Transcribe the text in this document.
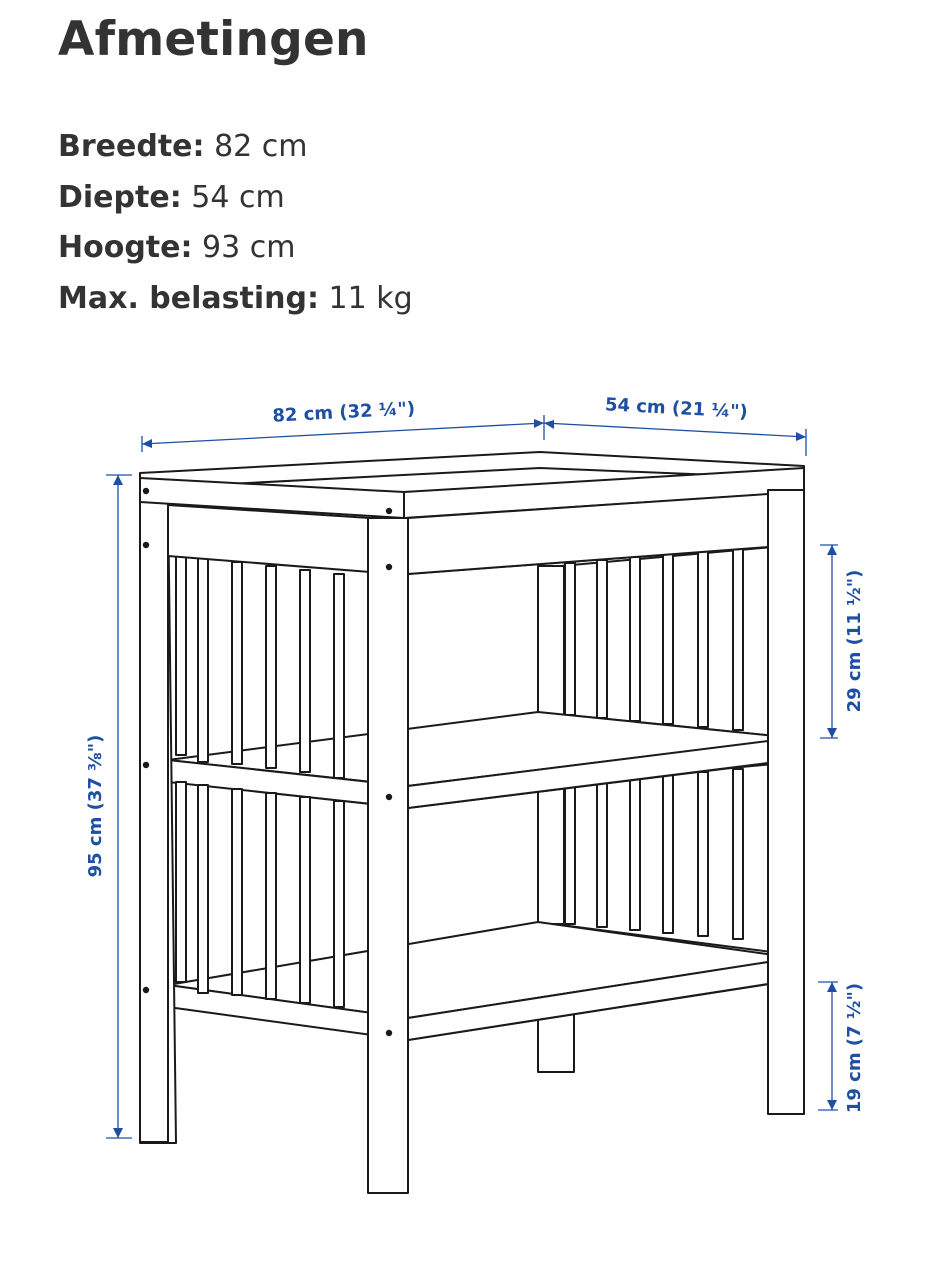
Afmetingen
Breedte: 82 cm
Diepte: 54 cm
Hoogte: 93 cm
Max. belasting: 11 kg
82 cm (32 ¼")	54 cm (21 ¼")
95 cm (37 ⅜")
29 cm (11 ½")
19 cm (7 ½")
